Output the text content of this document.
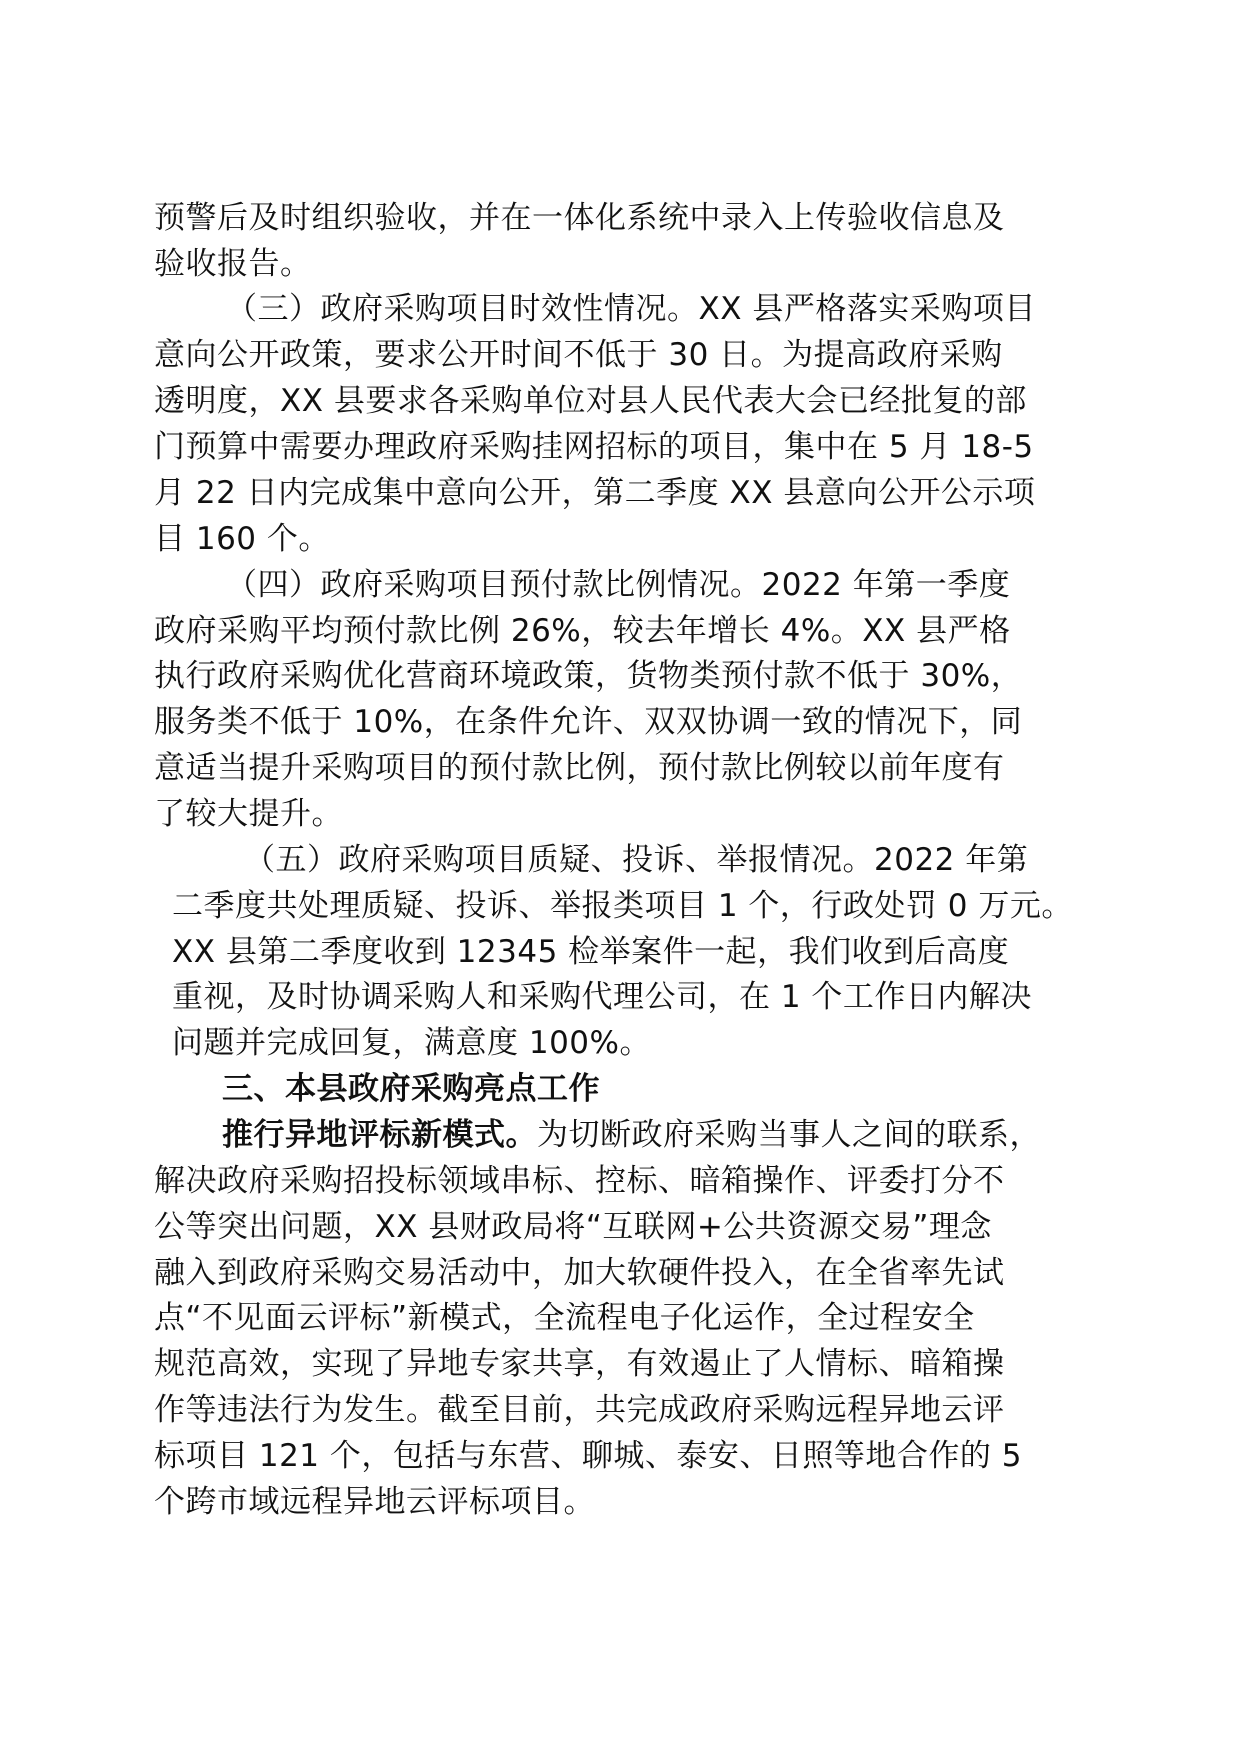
预警后及时组织验收，并在一体化系统中录入上传验收信息及
验收报告。
（三）政府采购项目时效性情况。XX 县严格落实采购项目
意向公开政策，要求公开时间不低于 30 日。为提高政府采购
透明度，XX 县要求各采购单位对县人民代表大会已经批复的部
门预算中需要办理政府采购挂网招标的项目，集中在 5 月 18-5
月 22 日内完成集中意向公开，第二季度 XX 县意向公开公示项
目 160 个。
（四）政府采购项目预付款比例情况。2022 年第一季度
政府采购平均预付款比例 26%，较去年增长 4%。XX 县严格
执行政府采购优化营商环境政策，货物类预付款不低于 30%，
服务类不低于 10%，在条件允许、双双协调一致的情况下，同
意适当提升采购项目的预付款比例，预付款比例较以前年度有
了较大提升。
（五）政府采购项目质疑、投诉、举报情况。2022 年第
二季度共处理质疑、投诉、举报类项目 1 个，行政处罚 0 万元。
XX 县第二季度收到 12345 检举案件一起，我们收到后高度
重视，及时协调采购人和采购代理公司，在 1 个工作日内解决
问题并完成回复，满意度 100%。
三、本县政府采购亮点工作
推行异地评标新模式。为切断政府采购当事人之间的联系，
解决政府采购招投标领域串标、控标、暗箱操作、评委打分不
公等突出问题，XX 县财政局将“互联网+公共资源交易”理念
融入到政府采购交易活动中，加大软硬件投入，在全省率先试
点“不见面云评标”新模式，全流程电子化运作，全过程安全
规范高效，实现了异地专家共享，有效遏止了人情标、暗箱操
作等违法行为发生。截至目前，共完成政府采购远程异地云评
标项目 121 个，包括与东营、聊城、泰安、日照等地合作的 5
个跨市域远程异地云评标项目。
